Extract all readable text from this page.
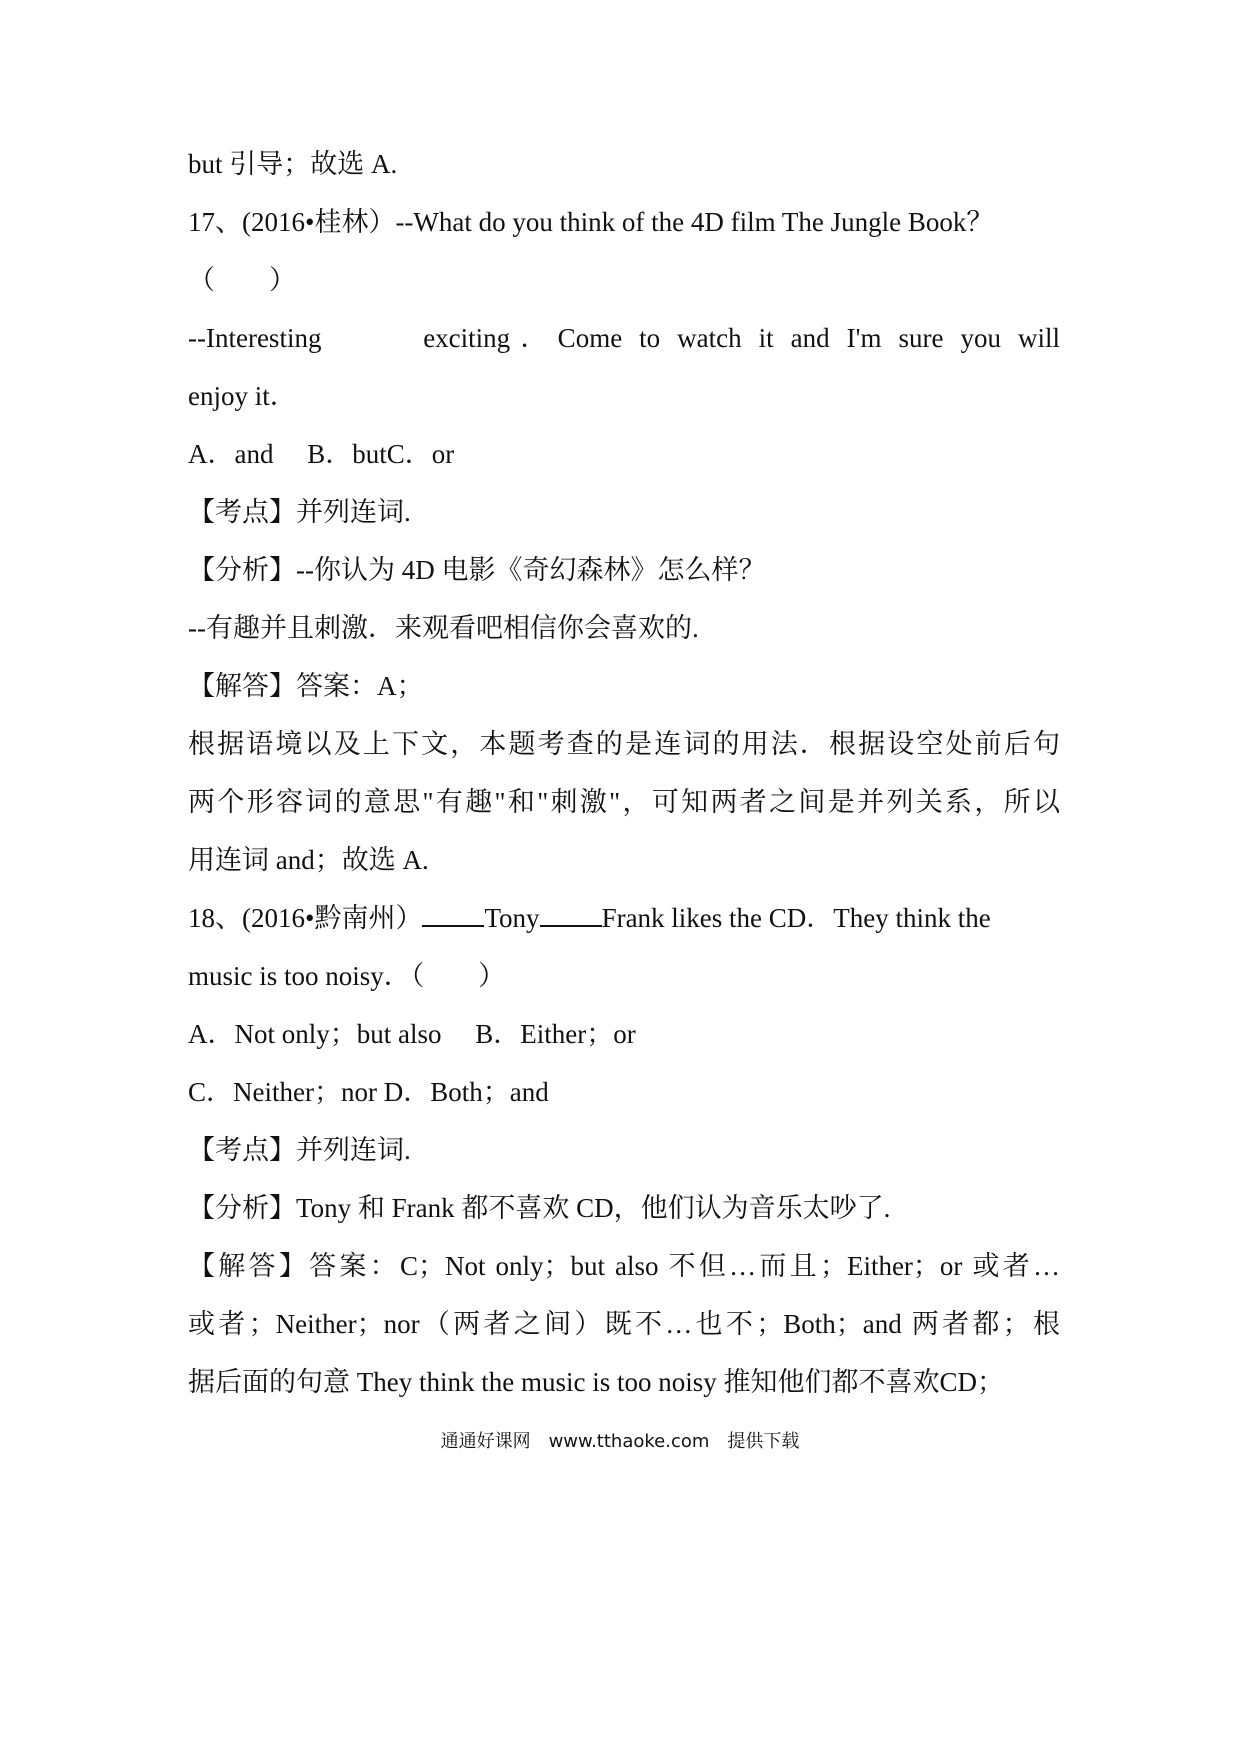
but 引导；故选 A.
17、(2016•桂林）--What do you think of the 4D film The Jungle Book？
（　　）
--Interesting　　 exciting．Come to watch it and I'm sure you will
enjoy it．
A．and　 B．butC．or
【考点】并列连词.
【分析】--你认为 4D 电影《奇幻森林》怎么样？
--有趣并且刺激．来观看吧相信你会喜欢的.
【解答】答案：A；
根据语境以及上下文，本题考查的是连词的用法．根据设空处前后句
两个形容词的意思"有趣"和"刺激"，可知两者之间是并列关系，所以
用连词 and；故选 A.
18、(2016•黔南州） Tony Frank likes the CD．They think the
music is too noisy．（　　）
A．Not only；but also　 B．Either；or
C．Neither；nor D．Both；and
【考点】并列连词.
【分析】Tony 和 Frank 都不喜欢 CD，他们认为音乐太吵了.
【解答】答案：C；Not only；but also 不但…而且；Either；or 或者…
或者；Neither；nor（两者之间）既不…也不；Both；and 两者都；根
据后面的句意 They think the music is too noisy 推知他们都不喜欢CD；
通通好课网　www.tthaoke.com　提供下载
